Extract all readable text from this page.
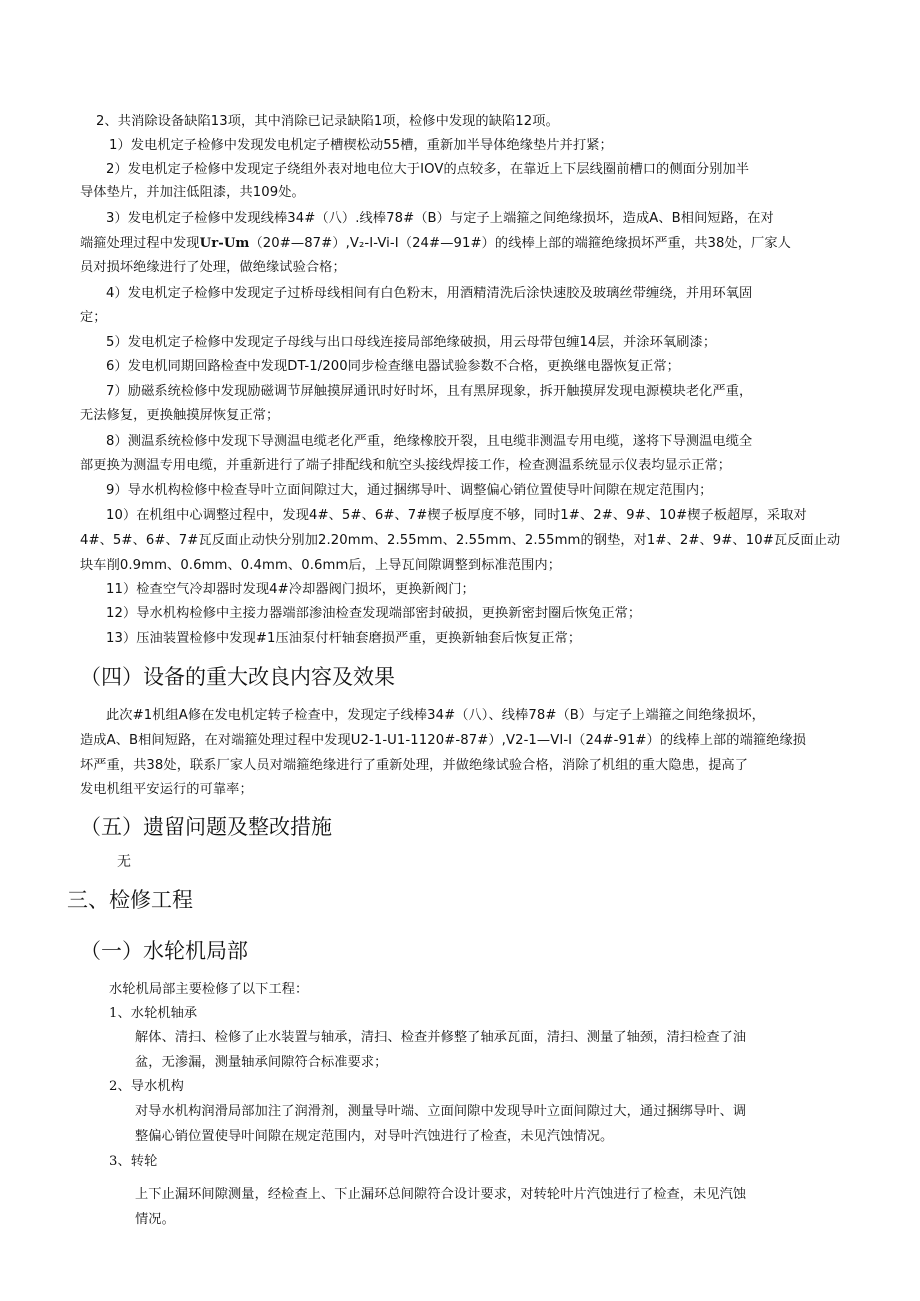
2、共消除设备缺陷13项，其中消除已记录缺陷1项，检修中发现的缺陷12项。
1）发电机定子检修中发现发电机定子槽楔松动55槽，重新加半导体绝缘垫片并打紧；
2）发电机定子检修中发现定子绕组外表对地电位大于IOV的点较多，在靠近上下层线圈前槽口的侧面分别加半
导体垫片，并加注低阻漆，共109处。
3）发电机定子检修中发现线棒34#（八）.线棒78#（B）与定子上端箍之间绝缘损坏，造成A、B相间短路，在对
端箍处理过程中发现Ur-Um（20#—87#）,V₂-I-Vi-I（24#—91#）的线棒上部的端箍绝缘损坏严重，共38处，厂家人
员对损坏绝缘进行了处理，做绝缘试验合格；
4）发电机定子检修中发现定子过桥母线相间有白色粉末，用酒精清洗后涂快速胶及玻璃丝带缠绕，并用环氧固
定；
5）发电机定子检修中发现定子母线与出口母线连接局部绝缘破损，用云母带包缠14层，并涂环氧刷漆；
6）发电机同期回路检查中发现DT-1/200同步检查继电器试验参数不合格，更换继电器恢复正常；
7）励磁系统检修中发现励磁调节屏触摸屏通讯时好时坏，且有黑屏现象，拆开触摸屏发现电源模块老化严重，
无法修复，更换触摸屏恢复正常；
8）测温系统检修中发现下导测温电缆老化严重，绝缘橡胶开裂，且电缆非测温专用电缆，遂将下导测温电缆全
部更换为测温专用电缆，并重新进行了端子排配线和航空头接线焊接工作，检查测温系统显示仪表均显示正常；
9）导水机构检修中检查导叶立面间隙过大，通过捆绑导叶、调整偏心销位置使导叶间隙在规定范围内；
10）在机组中心调整过程中，发现4#、5#、6#、7#楔子板厚度不够，同时1#、2#、9#、10#楔子板超厚，采取对
4#、5#、6#、7#瓦反面止动快分别加2.20mm、2.55mm、2.55mm、2.55mm的钢垫，对1#、2#、9#、10#瓦反面止动
块车削0.9mm、0.6mm、0.4mm、0.6mm后，上导瓦间隙调整到标准范围内；
11）检查空气冷却器时发现4#冷却器阀门损坏，更换新阀门；
12）导水机构检修中主接力器端部渗油检查发现端部密封破损，更换新密封圈后恢兔正常；
13）压油装置检修中发现#1压油泵付杆轴套磨损严重，更换新轴套后恢复正常；
（四）设备的重大改良内容及效果
此次#1机组A修在发电机定转子检查中，发现定子线棒34#（八）、线棒78#（B）与定子上端箍之间绝缘损坏，
造成A、B相间短路，在对端箍处理过程中发现U2-1-U1-1120#-87#）,V2-1—VI-I（24#-91#）的线棒上部的端箍绝缘损
坏严重，共38处，联系厂家人员对端箍绝缘进行了重新处理，并做绝缘试验合格，消除了机组的重大隐患，提高了
发电机组平安运行的可靠率；
（五）遗留问题及整改措施
无
三、检修工程
（一）水轮机局部
水轮机局部主要检修了以下工程：
1、水轮机轴承
解体、清扫、检修了止水装置与轴承，清扫、检查并修整了轴承瓦面，清扫、测量了轴颈，清扫检查了油
盆，无渗漏，测量轴承间隙符合标准要求；
2、导水机构
对导水机构润滑局部加注了润滑剂，测量导叶端、立面间隙中发现导叶立面间隙过大，通过捆绑导叶、调
整偏心销位置使导叶间隙在规定范围内，对导叶汽蚀进行了检查，未见汽蚀情况。
3、转轮
上下止漏环间隙测量，经检查上、下止漏环总间隙符合设计要求，对转轮叶片汽蚀进行了检查，未见汽蚀
情况。
